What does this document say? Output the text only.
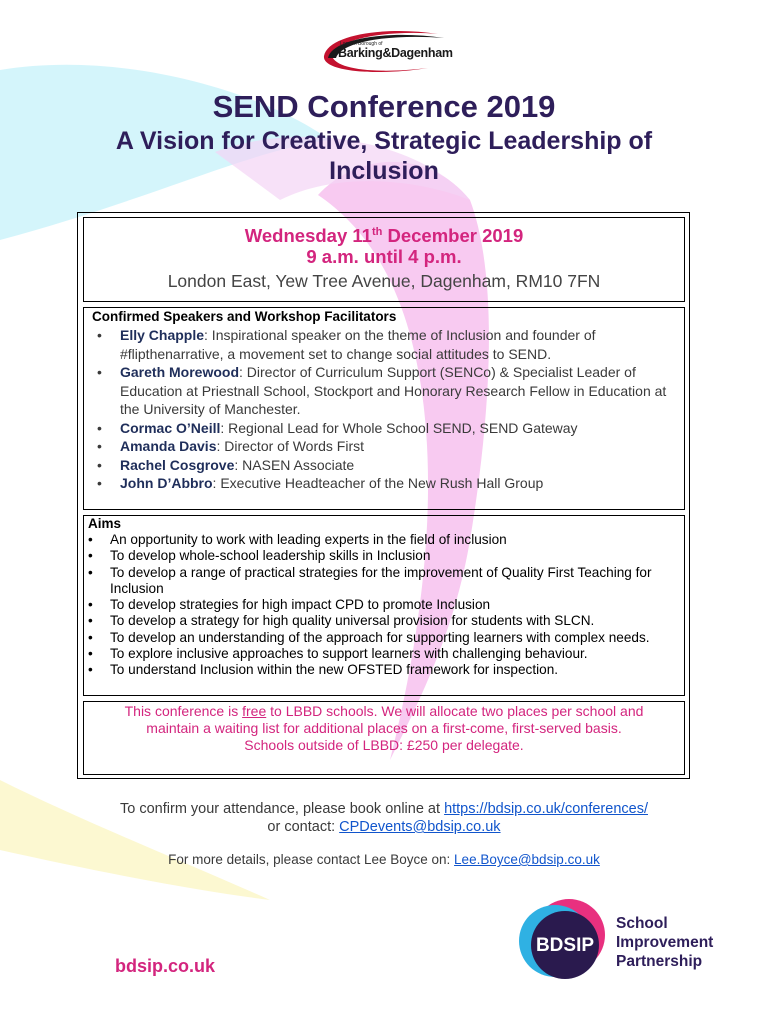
London Borough of
Barking&Dagenham
SEND Conference 2019
A Vision for Creative, Strategic Leadership of Inclusion
Wednesday 11th December 2019
9 a.m. until 4 p.m.
London East, Yew Tree Avenue, Dagenham, RM10 7FN
Confirmed Speakers and Workshop Facilitators
• Elly Chapple: Inspirational speaker on the theme of Inclusion and founder of #flipthenarrative, a movement set to change social attitudes to SEND.
• Gareth Morewood: Director of Curriculum Support (SENCo) & Specialist Leader of Education at Priestnall School, Stockport and Honorary Research Fellow in Education at the University of Manchester.
• Cormac O’Neill: Regional Lead for Whole School SEND, SEND Gateway
• Amanda Davis: Director of Words First
• Rachel Cosgrove: NASEN Associate
• John D’Abbro: Executive Headteacher of the New Rush Hall Group
Aims
• An opportunity to work with leading experts in the field of inclusion
• To develop whole-school leadership skills in Inclusion
• To develop a range of practical strategies for the improvement of Quality First Teaching for Inclusion
• To develop strategies for high impact CPD to promote Inclusion
• To develop a strategy for high quality universal provision for students with SLCN.
• To develop an understanding of the approach for supporting learners with complex needs.
• To explore inclusive approaches to support learners with challenging behaviour.
• To understand Inclusion within the new OFSTED framework for inspection.
This conference is free to LBBD schools. We will allocate two places per school and
maintain a waiting list for additional places on a first-come, first-served basis.
Schools outside of LBBD: £250 per delegate.
To confirm your attendance, please book online at https://bdsip.co.uk/conferences/
or contact: CPDevents@bdsip.co.uk
For more details, please contact Lee Boyce on: Lee.Boyce@bdsip.co.uk
bdsip.co.uk
BDSIP
School
Improvement
Partnership
